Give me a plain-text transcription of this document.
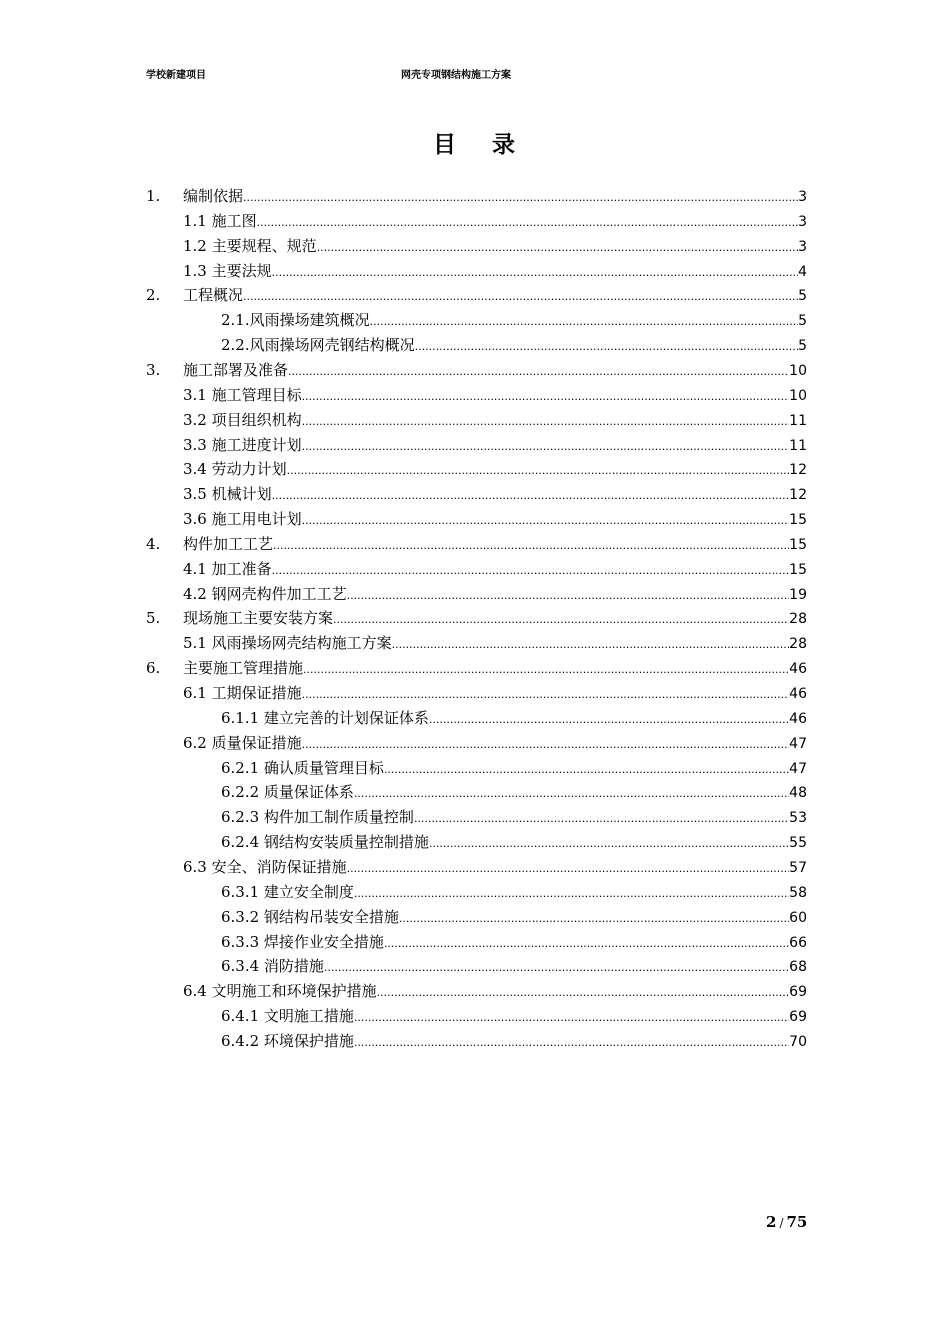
学校新建项目	网壳专项钢结构施工方案
目 录
1. 编制依据 .....	3
1.1 施工图 .....	3
1.2 主要规程、规范 .....	3
1.3 主要法规 .....	4
2. 工程概况 .....	5
2.1.风雨操场建筑概况 .....	5
2.2.风雨操场网壳钢结构概况 .....	5
3. 施工部署及准备 .....	10
3.1 施工管理目标 .....	10
3.2 项目组织机构 .....	11
3.3 施工进度计划 .....	11
3.4 劳动力计划 .....	12
3.5 机械计划 .....	12
3.6 施工用电计划 .....	15
4. 构件加工工艺 .....	15
4.1 加工准备 .....	15
4.2 钢网壳构件加工工艺 .....	19
5. 现场施工主要安装方案 .....	28
5.1 风雨操场网壳结构施工方案 .....	28
6. 主要施工管理措施 .....	46
6.1 工期保证措施 .....	46
6.1.1 建立完善的计划保证体系 .....	46
6.2 质量保证措施 .....	47
6.2.1 确认质量管理目标 .....	47
6.2.2 质量保证体系 .....	48
6.2.3 构件加工制作质量控制 .....	53
6.2.4 钢结构安装质量控制措施 .....	55
6.3 安全、消防保证措施 .....	57
6.3.1 建立安全制度 .....	58
6.3.2 钢结构吊装安全措施 .....	60
6.3.3 焊接作业安全措施 .....	66
6.3.4 消防措施 .....	68
6.4 文明施工和环境保护措施 .....	69
6.4.1 文明施工措施 .....	69
6.4.2 环境保护措施 .....	70
2 / 75
